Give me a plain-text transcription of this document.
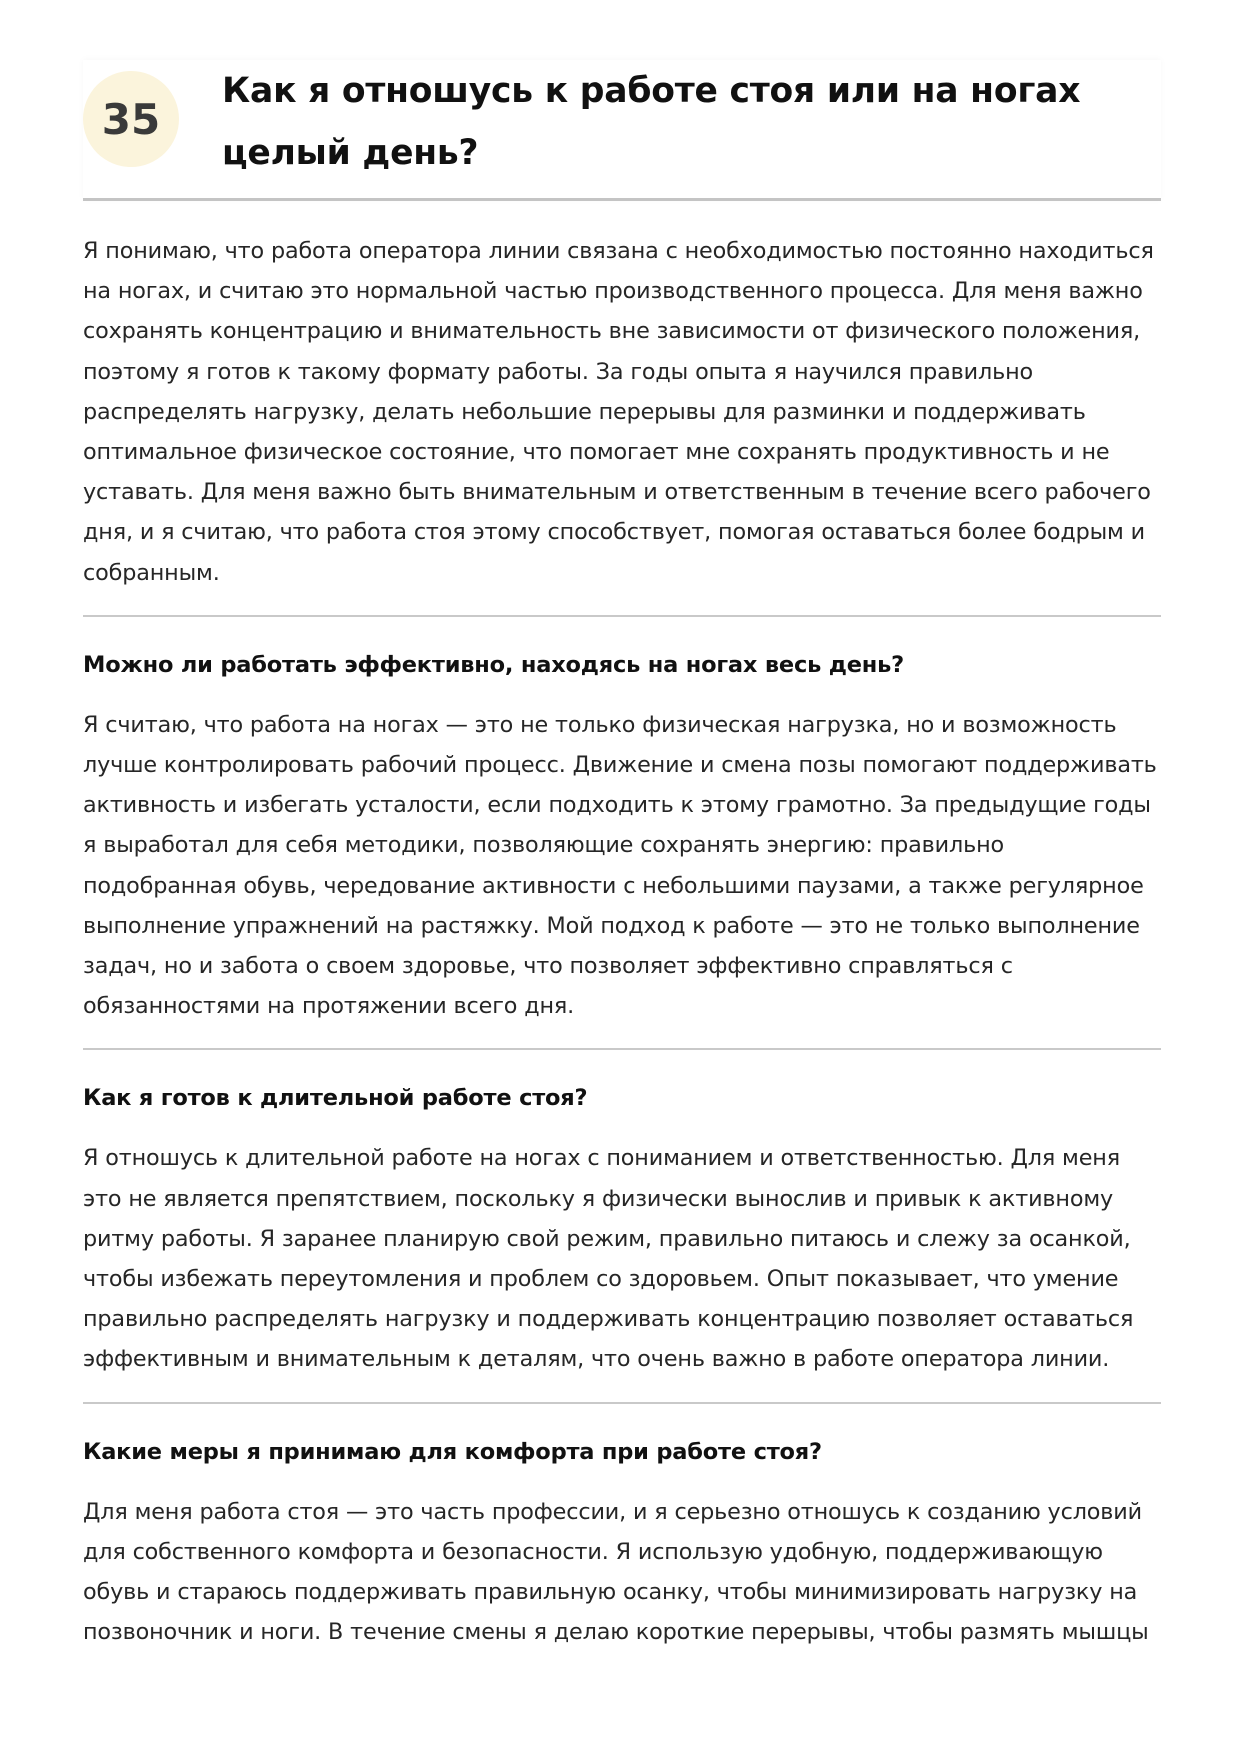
35
Как я отношусь к работе стоя или на ногах целый день?

Я понимаю, что работа оператора линии связана с необходимостью постоянно находиться на ногах, и считаю это нормальной частью производственного процесса. Для меня важно сохранять концентрацию и внимательность вне зависимости от физического положения, поэтому я готов к такому формату работы. За годы опыта я научился правильно распределять нагрузку, делать небольшие перерывы для разминки и поддерживать оптимальное физическое состояние, что помогает мне сохранять продуктивность и не уставать. Для меня важно быть внимательным и ответственным в течение всего рабочего дня, и я считаю, что работа стоя этому способствует, помогая оставаться более бодрым и собранным.

Можно ли работать эффективно, находясь на ногах весь день?

Я считаю, что работа на ногах — это не только физическая нагрузка, но и возможность лучше контролировать рабочий процесс. Движение и смена позы помогают поддерживать активность и избегать усталости, если подходить к этому грамотно. За предыдущие годы я выработал для себя методики, позволяющие сохранять энергию: правильно подобранная обувь, чередование активности с небольшими паузами, а также регулярное выполнение упражнений на растяжку. Мой подход к работе — это не только выполнение задач, но и забота о своем здоровье, что позволяет эффективно справляться с обязанностями на протяжении всего дня.

Как я готов к длительной работе стоя?

Я отношусь к длительной работе на ногах с пониманием и ответственностью. Для меня это не является препятствием, поскольку я физически вынослив и привык к активному ритму работы. Я заранее планирую свой режим, правильно питаюсь и слежу за осанкой, чтобы избежать переутомления и проблем со здоровьем. Опыт показывает, что умение правильно распределять нагрузку и поддерживать концентрацию позволяет оставаться эффективным и внимательным к деталям, что очень важно в работе оператора линии.

Какие меры я принимаю для комфорта при работе стоя?

Для меня работа стоя — это часть профессии, и я серьезно отношусь к созданию условий для собственного комфорта и безопасности. Я использую удобную, поддерживающую обувь и стараюсь поддерживать правильную осанку, чтобы минимизировать нагрузку на позвоночник и ноги. В течение смены я делаю короткие перерывы, чтобы размять мышцы
